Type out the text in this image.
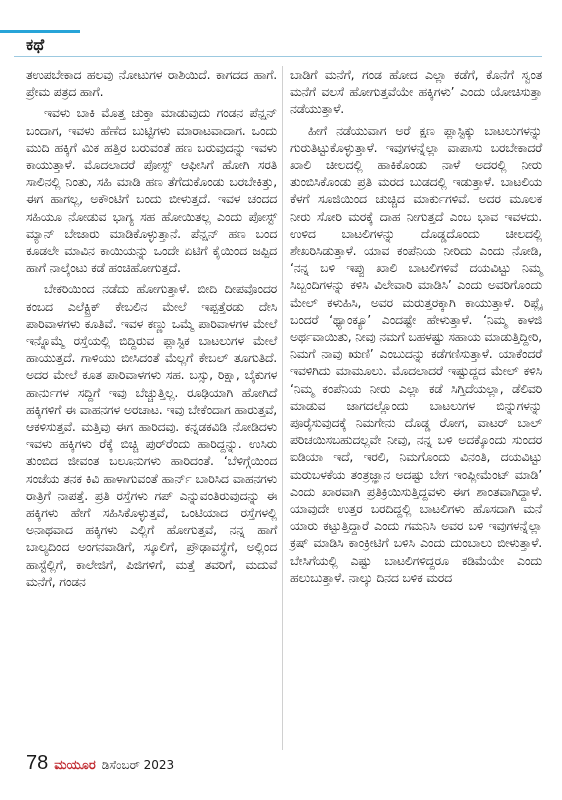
ಕಥೆ

ತಉಪಬೇಕಾದ ಹಲವು ನೋಟುಗಳ ರಾಶಿಯಿದೆ. ಕಾಗದದ ಹಾಗೆ. ಪ್ರೇಮ ಪತ್ರದ ಹಾಗೆ.

ಇವಳು ಬಾಕಿ ಮೊತ್ತ ಚುಕ್ತಾ ಮಾಡುವುದು ಗಂಡನ ಪೆನ್ಷನ್ ಬಂದಾಗ, ಇವಳು ಹೆಣೆದ ಬುಟ್ಟಿಗಳು ಮಾರಾಟವಾದಾಗ. ಒಂದು ಮುದಿ ಹಕ್ಕಿಗೆ ಮಿಕ ಹತ್ತಿರ ಬರುವಂತೆ ಹಣ ಬರುವುದನ್ನು ಇವಳು ಕಾಯುತ್ತಾಳೆ. ಮೊದಲಾದರೆ ಪೋಸ್ಟ್ ಆಫೀಸಿಗೆ ಹೋಗಿ ಸರತಿ ಸಾಲಿನಲ್ಲಿ ನಿಂತು, ಸಹಿ ಮಾಡಿ ಹಣ ತೆಗೆದುಕೊಂಡು ಬರಬೇಕಿತ್ತು, ಈಗ ಹಾಗಲ್ಲ, ಅಕೌಂಟಿಗೆ ಬಂದು ಬೀಳುತ್ತದೆ. ಇವಳ ಚಂದದ ಸಹಿಯೂ ನೋಡುವ ಭಾಗ್ಯ ಸಹ ಹೋಯಿತಲ್ಲ ಎಂದು ಪೋಸ್ಟ್ ಮ್ಯಾನ್ ಬೇಜಾರು ಮಾಡಿಕೊಳ್ಳುತ್ತಾನೆ. ಪೆನ್ಷನ್ ಹಣ ಬಂದ ಕೂಡಲೇ ಮಾವಿನ ಕಾಯಿಯನ್ನು ಒಂದೇ ಏಟಿಗೆ ಕೈಯಿಂದ ಜಪ್ಪಿದ ಹಾಗೆ ನಾಲ್ಕೆಂಟು ಕಡೆ ಹಂಚಿಹೋಗುತ್ತದೆ.

ಬೇಕರಿಯಿಂದ ನಡೆದು ಹೋಗುತ್ತಾಳೆ. ಬೀದಿ ದೀಪವೊಂದರ ಕಂಬದ ಎಲೆಕ್ಟ್ರಿಕ್ ಕೇಬಲಿನ ಮೇಲೆ ಇಪ್ಪತ್ತೆರಡು ದೇಸಿ ಪಾರಿವಾಳಗಳು ಕೂತಿವೆ. ಇವಳ ಕಣ್ಣು ಒಮ್ಮೆ ಪಾರಿವಾಳಗಳ ಮೇಲೆ ಇನ್ನೊಮ್ಮೆ ರಸ್ತೆಯಲ್ಲಿ ಬಿದ್ದಿರುವ ಪ್ಲಾಸ್ಟಿಕ ಬಾಟಲುಗಳ ಮೇಲೆ ಹಾಯುತ್ತದೆ. ಗಾಳಿಯು ಬೀಸಿದಂತೆ ಮೆಲ್ಲಗೆ ಕೇಬಲ್ ತೂಗುತಿದೆ. ಅದರ ಮೇಲೆ ಕೂತ ಪಾರಿವಾಳಗಳು ಸಹ. ಬಸ್ಸು, ರಿಕ್ಷಾ, ಬೈಕುಗಳ ಹಾರ್ನುಗಳ ಸದ್ದಿಗೆ ಇವು ಬೆಚ್ಚುತ್ತಿಲ್ಲ. ರೂಢಿಯಾಗಿ ಹೋಗಿದೆ ಹಕ್ಕಿಗಳಿಗೆ ಈ ವಾಹನಗಳ ಅರಚಾಟ. ಇವು ಬೇಕೆಂದಾಗ ಹಾರುತ್ತವೆ, ಆಕಳಿಸುತ್ತವೆ. ಮತ್ತಿವು ಈಗ ಹಾರಿದವು. ಕನ್ನಡಕವಿಡಿ ನೋಡಿದಳು ಇವಳು ಹಕ್ಕಿಗಳು ರೆಕ್ಕೆ ಬಿಚ್ಚಿ ಪುರ್‌ರೆಂದು ಹಾರಿದ್ದನ್ನು. ಉಸಿರು ತುಂಬಿದ ಜೀವಂತ ಬಲೂನುಗಳು ಹಾರಿದಂತೆ. ‘ಬೆಳಿಗ್ಗೆಯಿಂದ ಸಂಜೆಯ ತನಕ ಕಿವಿ ಹಾಳಾಗುವಂತೆ ಹಾರ್ನ್ ಬಾರಿಸಿದ ವಾಹನಗಳು ರಾತ್ರಿಗೆ ನಾಪತ್ತೆ. ಪ್ರತಿ ರಸ್ತೆಗಳು ಗಪ್ ಎನ್ನುವಂತಿರುವುದನ್ನು ಈ ಹಕ್ಕಿಗಳು ಹೇಗೆ ಸಹಿಸಿಕೊಳ್ಳುತ್ತವೆ, ಒಂಟಿಯಾದ ರಸ್ತೆಗಳಲ್ಲಿ ಅನಾಥವಾದ ಹಕ್ಕಿಗಳು ಎಲ್ಲಿಗೆ ಹೋಗುತ್ತವೆ, ನನ್ನ ಹಾಗೆ ಬಾಲ್ಯದಿಂದ ಅಂಗನವಾಡಿಗೆ, ಸ್ಕೂಲಿಗೆ, ಪ್ರೌಢಾವಸ್ಥೆಗೆ, ಅಲ್ಲಿಂದ ಹಾಸ್ಟೆಲ್ಲಿಗೆ, ಕಾಲೇಜಿಗೆ, ಪಿಜಿಗಳಿಗೆ, ಮತ್ತೆ ತವರಿಗೆ, ಮದುವೆ ಮನೆಗೆ, ಗಂಡನ

ಬಾಡಿಗೆ ಮನೆಗೆ, ಗಂಡ ಹೋದ ಎಲ್ಲಾ ಕಡೆಗೆ, ಕೊನೆಗೆ ಸ್ವಂತ ಮನೆಗೆ ವಲಸೆ ಹೋಗುತ್ತವೆಯೇ ಹಕ್ಕಿಗಳು’ ಎಂದು ಯೋಚಿಸುತ್ತಾ ನಡೆಯುತ್ತಾಳೆ.

ಹೀಗೆ ನಡೆಯುವಾಗ ಅರೆ ಕ್ಷಣ ಪ್ಲಾಸ್ಟಿಕ್ಕು ಬಾಟಲುಗಳನ್ನು ಗುರುತಿಟ್ಟುಕೊಳ್ಳುತ್ತಾಳೆ. ಇವುಗಳನ್ನೆಲ್ಲಾ ವಾಪಾಸು ಬರಬೇಕಾದರೆ ಖಾಲಿ ಚೀಲದಲ್ಲಿ ಹಾಕಿಕೊಂಡು ನಾಳೆ ಅದರಲ್ಲಿ ನೀರು ತುಂಬಿಸಿಕೊಂಡು ಪ್ರತಿ ಮರದ ಬುಡದಲ್ಲಿ ಇಡುತ್ತಾಳೆ. ಬಾಟಲಿಯ ಕೆಳಗೆ ಸೂಜಿಯಿಂದ ಚುಚ್ಚಿದ ಮಾರ್ಕುಗಳಿವೆ. ಅದರ ಮೂಲಕ ನೀರು ಸೋರಿ ಮರಕ್ಕೆ ದಾಹ ನೀಗುತ್ತದೆ ಎಂಬ ಭಾವ ಇವಳದು. ಉಳಿದ ಬಾಟಲಿಗಳನ್ನು ದೊಡ್ಡದೊಂದು ಚೀಲದಲ್ಲಿ ಶೇಖರಿಸಿಡುತ್ತಾಳೆ. ಯಾವ ಕಂಪೆನಿಯ ನೀರಿದು ಎಂದು ನೋಡಿ, ‘ನನ್ನ ಬಳಿ ಇಪ್ಪು ಖಾಲಿ ಬಾಟಲಿಗಳಿವೆ ದಯವಿಟ್ಟು ನಿಮ್ಮ ಸಿಬ್ಬಂದಿಗಳನ್ನು ಕಳಿಸಿ ವಿಲೇವಾರಿ ಮಾಡಿಸಿ’ ಎಂದು ಅವರಿಗೊಂದು ಮೇಲ್ ಕಳುಹಿಸಿ, ಅವರ ಮರುತ್ತರಕ್ಕಾಗಿ ಕಾಯುತ್ತಾಳೆ. ರಿಪ್ಲೈ ಬಂದರೆ ‘ಥ್ಯಾಂಕ್ಯೂ’ ಎಂದಷ್ಟೇ ಹೇಳುತ್ತಾಳೆ. ‘ನಿಮ್ಮ ಕಾಳಜಿ ಅರ್ಥವಾಯಿತು, ನೀವು ನಮಗೆ ಬಹಳಷ್ಟು ಸಹಾಯ ಮಾಡುತ್ತಿದ್ದೀರಿ, ನಿಮಗೆ ನಾವು ಋಣಿ’ ಎಂಬುದನ್ನು ಕಡೆಗಣಿಸುತ್ತಾಳೆ. ಯಾಕೆಂದರೆ ಇವಳಿಗಿದು ಮಾಮೂಲು. ಮೊದಲಾದರೆ ಇಷ್ಟುದ್ದದ ಮೇಲ್ ಕಳಿಸಿ ‘ನಿಮ್ಮ ಕಂಪೆನಿಯ ನೀರು ಎಲ್ಲಾ ಕಡೆ ಸಿಗ್ತಿದೆಯಲ್ಲಾ, ಡೆಲಿವರಿ ಮಾಡುವ ಜಾಗದಲ್ಲೊಂದು ಬಾಟಲುಗಳ ಬಿನ್ನುಗಳನ್ನು ಪೂರೈಸುವುದಕ್ಕೆ ನಿಮಗೇನು ದೊಡ್ಡ ರೋಗ, ವಾಟರ್ ಬಾಲ್ ಪರಿಚಯಿಸಬಹುದಲ್ಲವೇ ನೀವು, ನನ್ನ ಬಳಿ ಅದಕ್ಕೊಂದು ಸುಂದರ ಐಡಿಯಾ ಇದೆ, ಇರಲಿ, ನಿಮಗೊಂದು ವಿನಂತಿ, ದಯವಿಟ್ಟು ಮರುಬಳಕೆಯ ತಂತ್ರಜ್ಞಾನ ಅದಷ್ಟು ಬೇಗ ಇಂಪ್ಲೀಮೆಂಟ್ ಮಾಡಿ’ ಎಂದು ಖಾರವಾಗಿ ಪ್ರತಿಕ್ರಿಯಿಸುತ್ತಿದ್ದವಳು ಈಗ ಶಾಂತವಾಗಿದ್ದಾಳೆ. ಯಾವುದೇ ಉತ್ತರ ಬರದಿದ್ದಲ್ಲಿ ಬಾಟಲಿಗಳು ಹೊಸದಾಗಿ ಮನೆ ಯಾರು ಕಟ್ಟುತ್ತಿದ್ದಾರೆ ಎಂದು ಗಮನಿಸಿ ಅವರ ಬಳಿ ಇವುಗಳನ್ನೆಲ್ಲಾ ಕ್ರಷ್ ಮಾಡಿಸಿ ಕಾಂಕ್ರೀಟಿಗೆ ಬಳಿಸಿ ಎಂದು ದುಂಬಾಲು ಬೀಳುತ್ತಾಳೆ. ಬೇಸಿಗೆಯಲ್ಲಿ ಎಷ್ಟು ಬಾಟಲಿಗಳಿದ್ದರೂ ಕಡಿಮೆಯೇ ಎಂದು ಹಲುಬುತ್ತಾಳೆ. ನಾಲ್ಕು ದಿನದ ಬಳಿಕ ಮರದ

78 ಮಯೂರ ಡಿಸೆಂಬರ್ 2023
